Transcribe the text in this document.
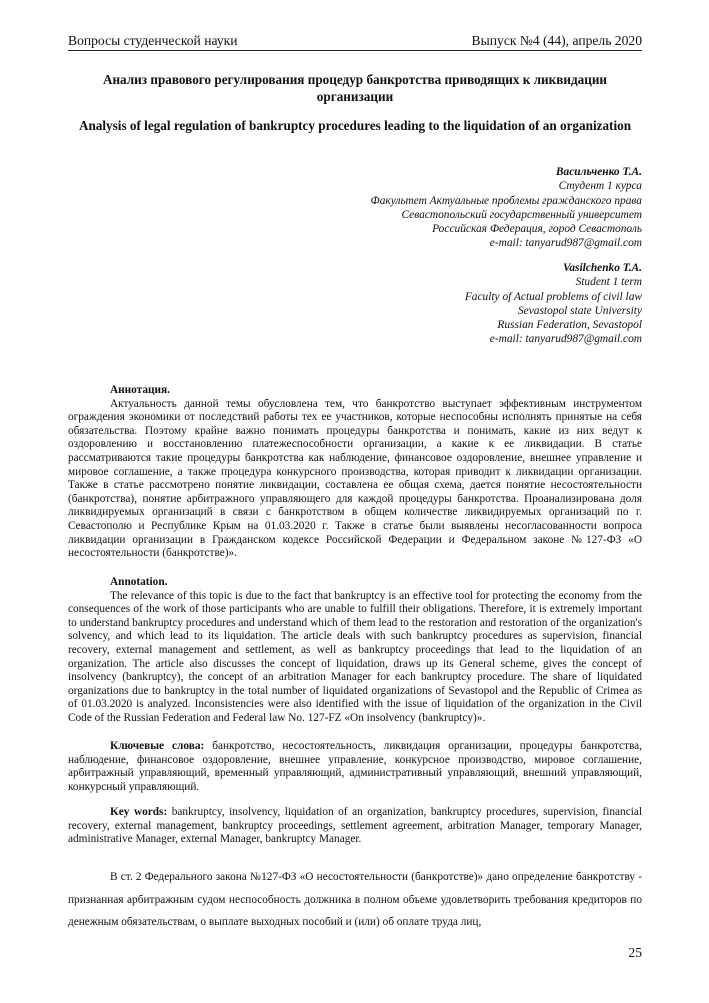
Вопросы студенческой науки	Выпуск №4 (44), апрель 2020
Анализ правового регулирования процедур банкротства приводящих к ликвидации организации
Analysis of legal regulation of bankruptcy procedures leading to the liquidation of an organization
Васильченко Т.А.
Студент 1 курса
Факультет Актуальные проблемы гражданского права
Севастопольский государственный университет
Российская Федерация, город Севастополь
e-mail: tanyarud987@gmail.com
Vasilchenko T.A.
Student 1 term
Faculty of Actual problems of civil law
Sevastopol state University
Russian Federation, Sevastopol
e-mail: tanyarud987@gmail.com

Аннотация.

Актуальность данной темы обусловлена тем, что банкротство выступает эффективным инструментом ограждения экономики от последствий работы тех ее участников, которые неспособны исполнять принятые на себя обязательства. Поэтому крайне важно понимать процедуры банкротства и понимать, какие из них ведут к оздоровлению и восстановлению платежеспособности организации, а какие к ее ликвидации. В статье рассматриваются такие процедуры банкротства как наблюдение, финансовое оздоровление, внешнее управление и мировое соглашение, а также процедура конкурсного производства, которая приводит к ликвидации организации. Также в статье рассмотрено понятие ликвидации, составлена ее общая схема, дается понятие несостоятельности (банкротства), понятие арбитражного управляющего для каждой процедуры банкротства. Проанализирована доля ликвидируемых организаций в связи с банкротством в общем количестве ликвидируемых организаций по г. Севастополю и Республике Крым на 01.03.2020 г. Также в статье были выявлены несогласованности вопроса ликвидации организации в Гражданском кодексе Российской Федерации и Федеральном законе №127-ФЗ «О несостоятельности (банкротстве)».

Annotation.

The relevance of this topic is due to the fact that bankruptcy is an effective tool for protecting the economy from the consequences of the work of those participants who are unable to fulfill their obligations. Therefore, it is extremely important to understand bankruptcy procedures and understand which of them lead to the restoration and restoration of the organization's solvency, and which lead to its liquidation. The article deals with such bankruptcy procedures as supervision, financial recovery, external management and settlement, as well as bankruptcy proceedings that lead to the liquidation of an organization. The article also discusses the concept of liquidation, draws up its General scheme, gives the concept of insolvency (bankruptcy), the concept of an arbitration Manager for each bankruptcy procedure. The share of liquidated organizations due to bankruptcy in the total number of liquidated organizations of Sevastopol and the Republic of Crimea as of 01.03.2020 is analyzed. Inconsistencies were also identified with the issue of liquidation of the organization in the Civil Code of the Russian Federation and Federal law No. 127-FZ «On insolvency (bankruptcy)».

Ключевые слова: банкротство, несостоятельность, ликвидация организации, процедуры банкротства, наблюдение, финансовое оздоровление, внешнее управление, конкурсное производство, мировое соглашение, арбитражный управляющий, временный управляющий, административный управляющий, внешний управляющий, конкурсный управляющий.

Key words: bankruptcy, insolvency, liquidation of an organization, bankruptcy procedures, supervision, financial recovery, external management, bankruptcy proceedings, settlement agreement, arbitration Manager, temporary Manager, administrative Manager, external Manager, bankruptcy Manager.

В ст. 2 Федерального закона №127-ФЗ «О несостоятельности (банкротстве)» дано определение банкротству - признанная арбитражным судом неспособность должника в полном объеме удовлетворить требования кредиторов по денежным обязательствам, о выплате выходных пособий и (или) об оплате труда лиц,

25
